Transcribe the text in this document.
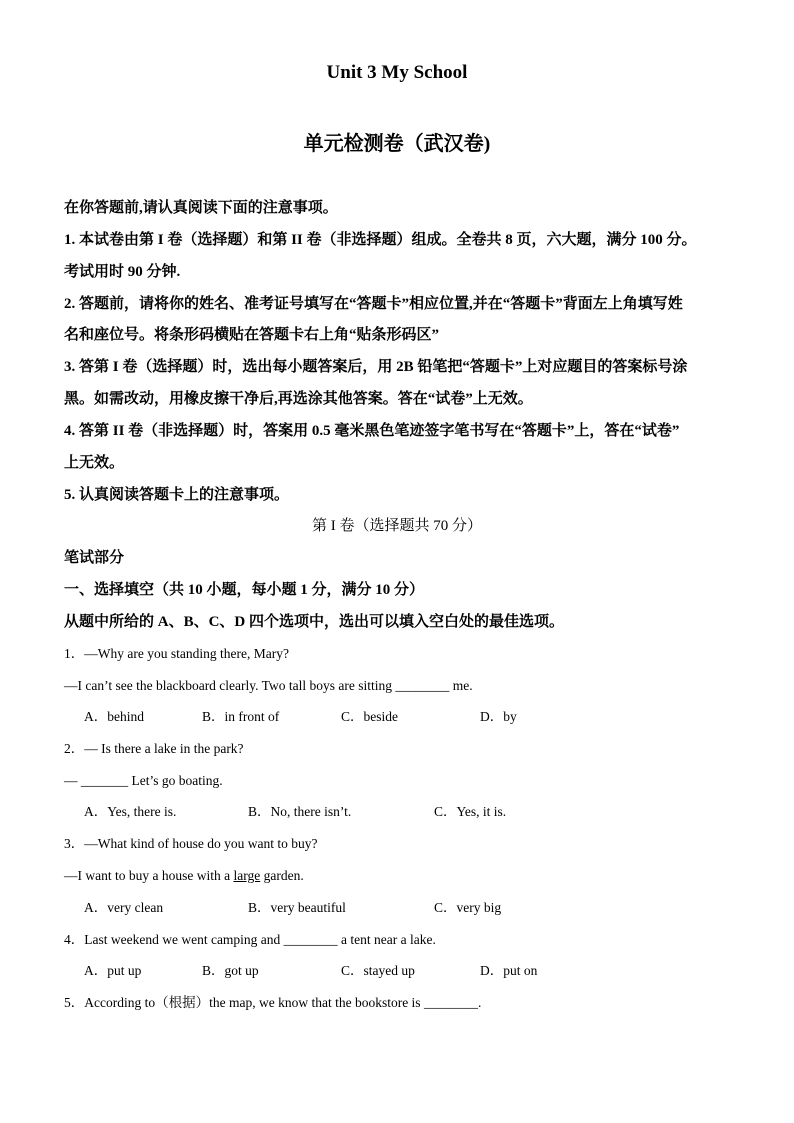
Unit 3 My School
单元检测卷（武汉卷)
在你答题前,请认真阅读下面的注意事项。
1. 本试卷由第 I 卷（选择题）和第 II 卷（非选择题）组成。全卷共 8 页，六大题，满分 100 分。
考试用时 90 分钟.
2. 答题前，请将你的姓名、准考证号填写在“答题卡”相应位置,并在“答题卡”背面左上角填写姓
名和座位号。将条形码横贴在答题卡右上角“贴条形码区”
3. 答第 I 卷（选择题）时，选出每小题答案后，用 2B 铅笔把“答题卡”上对应题目的答案标号涂
黑。如需改动，用橡皮擦干净后,再选涂其他答案。答在“试卷”上无效。
4. 答第 II 卷（非选择题）时，答案用 0.5 毫米黑色笔迹签字笔书写在“答题卡”上，答在“试卷”
上无效。
5. 认真阅读答题卡上的注意事项。
第 I 卷（选择题共 70 分）
笔试部分
一、选择填空（共 10 小题，每小题 1 分，满分 10 分）
从题中所给的 A、B、C、D 四个选项中，选出可以填入空白处的最佳选项。
1．—Why are you standing there, Mary?
—I can’t see the blackboard clearly. Two tall boys are sitting ________ me.
A．behind	B．in front of	C．beside	D．by
2．— Is there a lake in the park?
— _______ Let’s go boating.
A．Yes, there is.	B．No, there isn’t.	C．Yes, it is.
3．—What kind of house do you want to buy?
—I want to buy a house with a large garden.
A．very clean	B．very beautiful	C．very big
4．Last weekend we went camping and ________ a tent near a lake.
A．put up	B．got up	C．stayed up	D．put on
5．According to（根据）the map, we know that the bookstore is ________.
